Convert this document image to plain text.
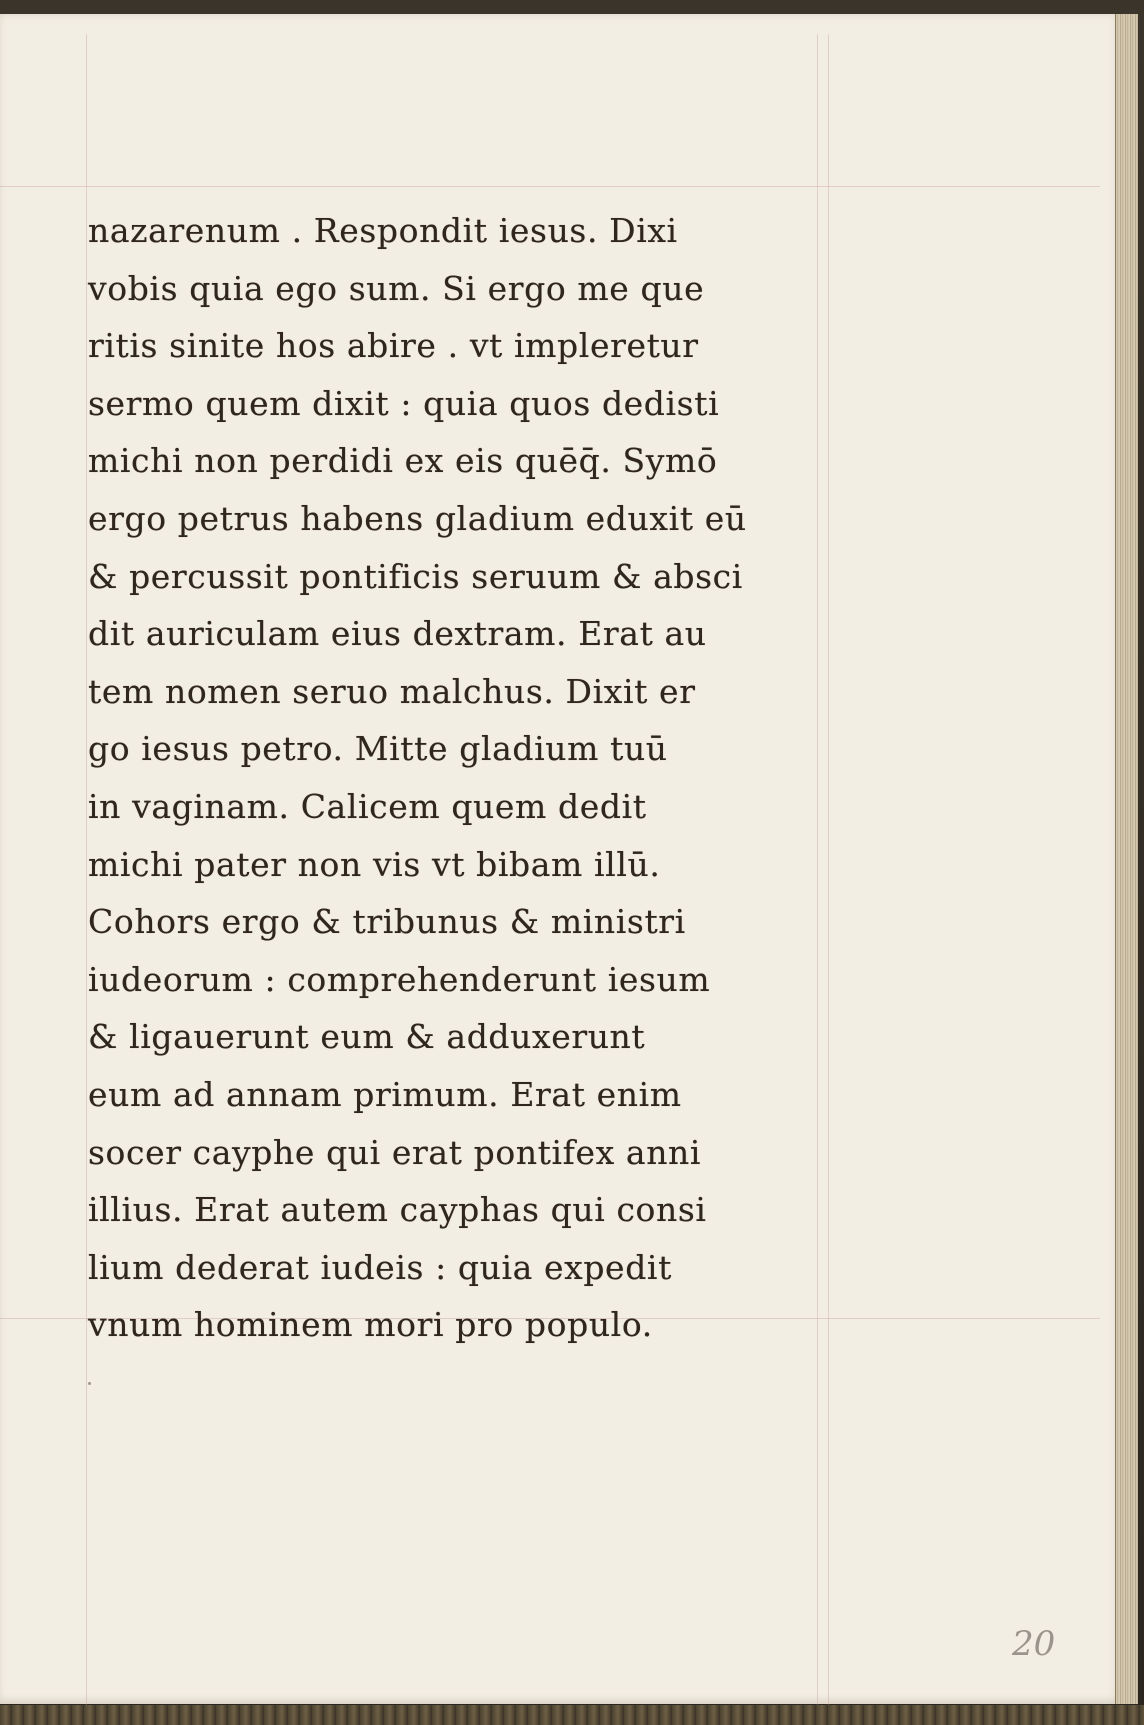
nazarenum . Respondit iesus. Dixi
vobis quia ego sum. Si ergo me que
ritis sinite hos abire . vt impleretur
sermo quem dixit : quia quos dedisti
michi non perdidi ex eis quēq̄. Symō
ergo petrus habens gladium eduxit eū
& percussit pontificis seruum & absci
dit auriculam eius dextram. Erat au
tem nomen seruo malchus. Dixit er
go iesus petro. Mitte gladium tuū
in vaginam. Calicem quem dedit
michi pater non vis vt bibam illū.
Cohors ergo & tribunus & ministri
iudeorum : comprehenderunt iesum
& ligauerunt eum & adduxerunt
eum ad annam primum. Erat enim
socer cayphe qui erat pontifex anni
illius. Erat autem cayphas qui consi
lium dederat iudeis : quia expedit
vnum hominem mori pro populo.
20
